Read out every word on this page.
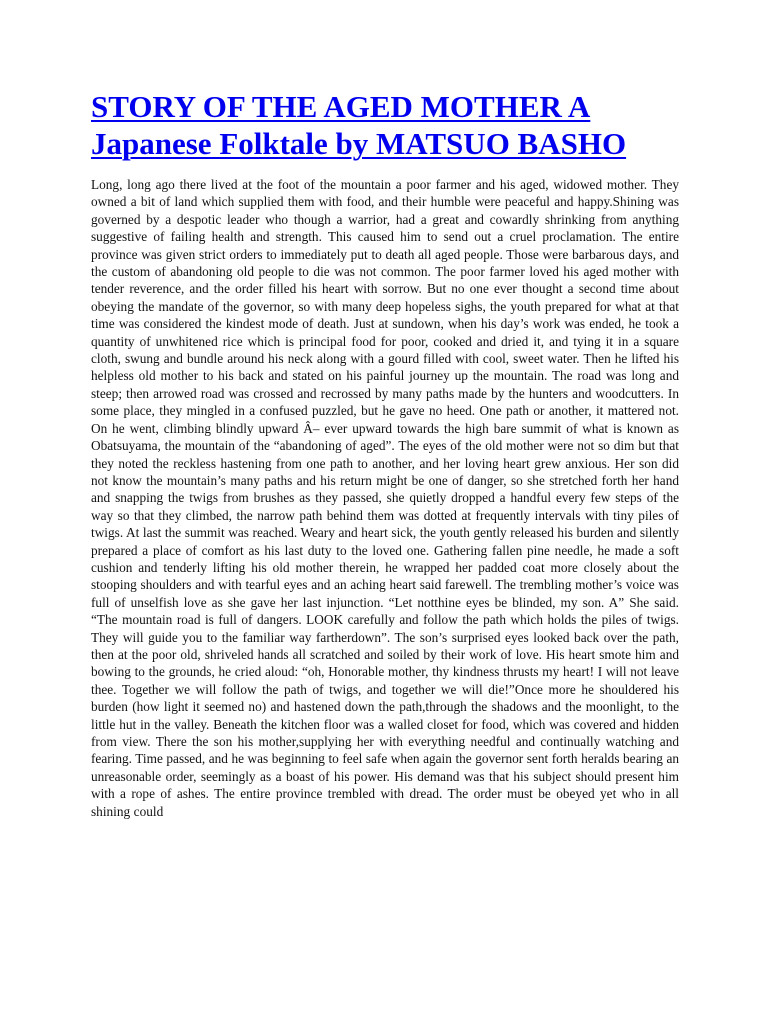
STORY OF THE AGED MOTHER A
Japanese Folktale by MATSUO BASHO

Long, long ago there lived at the foot of the mountain a poor farmer and his aged, widowed mother. They owned a bit of land which supplied them with food, and their humble were peaceful and happy.Shining was governed by a despotic leader who though a warrior, had a great and cowardly shrinking from anything suggestive of failing health and strength. This caused him to send out a cruel proclamation. The entire province was given strict orders to immediately put to death all aged people. Those were barbarous days, and the custom of abandoning old people to die was not common. The poor farmer loved his aged mother with tender reverence, and the order filled his heart with sorrow. But no one ever thought a second time about obeying the mandate of the governor, so with many deep hopeless sighs, the youth prepared for what at that time was considered the kindest mode of death. Just at sundown, when his day’s work was ended, he took a quantity of unwhitened rice which is principal food for poor, cooked and dried it, and tying it in a square cloth, swung and bundle around his neck along with a gourd filled with cool, sweet water. Then he lifted his helpless old mother to his back and stated on his painful journey up the mountain. The road was long and steep; then arrowed road was crossed and recrossed by many paths made by the hunters and woodcutters. In some place, they mingled in a confused puzzled, but he gave no heed. One path or another, it mattered not. On he went, climbing blindly upward Â– ever upward towards the high bare summit of what is known as Obatsuyama, the mountain of the “abandoning of aged”. The eyes of the old mother were not so dim but that they noted the reckless hastening from one path to another, and her loving heart grew anxious. Her son did not know the mountain’s many paths and his return might be one of danger, so she stretched forth her hand and snapping the twigs from brushes as they passed, she quietly dropped a handful every few steps of the way so that they climbed, the narrow path behind them was dotted at frequently intervals with tiny piles of twigs. At last the summit was reached. Weary and heart sick, the youth gently released his burden and silently prepared a place of comfort as his last duty to the loved one. Gathering fallen pine needle, he made a soft cushion and tenderly lifting his old mother therein, he wrapped her padded coat more closely about the stooping shoulders and with tearful eyes and an aching heart said farewell. The trembling mother’s voice was full of unselfish love as she gave her last injunction. “Let notthine eyes be blinded, my son. A” She said. “The mountain road is full of dangers. LOOK carefully and follow the path which holds the piles of twigs. They will guide you to the familiar way fartherdown”. The son’s surprised eyes looked back over the path, then at the poor old, shriveled hands all scratched and soiled by their work of love. His heart smote him and bowing to the grounds, he cried aloud: “oh, Honorable mother, thy kindness thrusts my heart! I will not leave thee. Together we will follow the path of twigs, and together we will die!”Once more he shouldered his burden (how light it seemed no) and hastened down the path,through the shadows and the moonlight, to the little hut in the valley. Beneath the kitchen floor was a walled closet for food, which was covered and hidden from view. There the son his mother,supplying her with everything needful and continually watching and fearing. Time passed, and he was beginning to feel safe when again the governor sent forth heralds bearing an unreasonable order, seemingly as a boast of his power. His demand was that his subject should present him with a rope of ashes. The entire province trembled with dread. The order must be obeyed yet who in all shining could
